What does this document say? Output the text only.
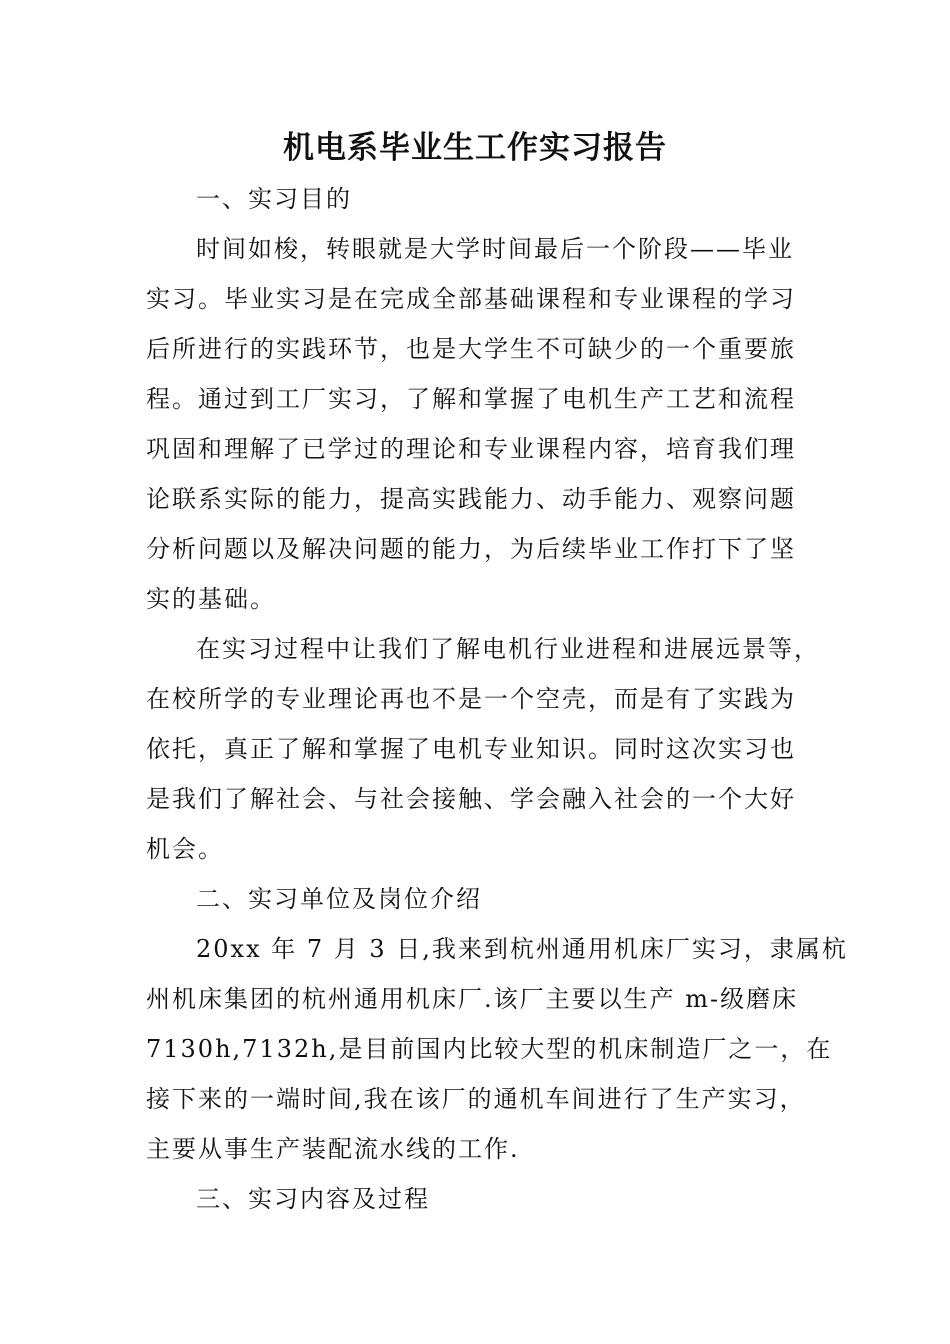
机电系毕业生工作实习报告
一、实习目的
时间如梭，转眼就是大学时间最后一个阶段——毕业
实习。毕业实习是在完成全部基础课程和专业课程的学习
后所进行的实践环节，也是大学生不可缺少的一个重要旅
程。通过到工厂实习，了解和掌握了电机生产工艺和流程
巩固和理解了已学过的理论和专业课程内容，培育我们理
论联系实际的能力，提高实践能力、动手能力、观察问题
分析问题以及解决问题的能力，为后续毕业工作打下了坚
实的基础。
在实习过程中让我们了解电机行业进程和进展远景等，
在校所学的专业理论再也不是一个空壳，而是有了实践为
依托，真正了解和掌握了电机专业知识。同时这次实习也
是我们了解社会、与社会接触、学会融入社会的一个大好
机会。
二、实习单位及岗位介绍
20xx 年 7 月 3 日,我来到杭州通用机床厂实习，隶属杭
州机床集团的杭州通用机床厂.该厂主要以生产 m-级磨床
7130h,7132h,是目前国内比较大型的机床制造厂之一，在
接下来的一端时间,我在该厂的通机车间进行了生产实习，
主要从事生产装配流水线的工作.
三、实习内容及过程
